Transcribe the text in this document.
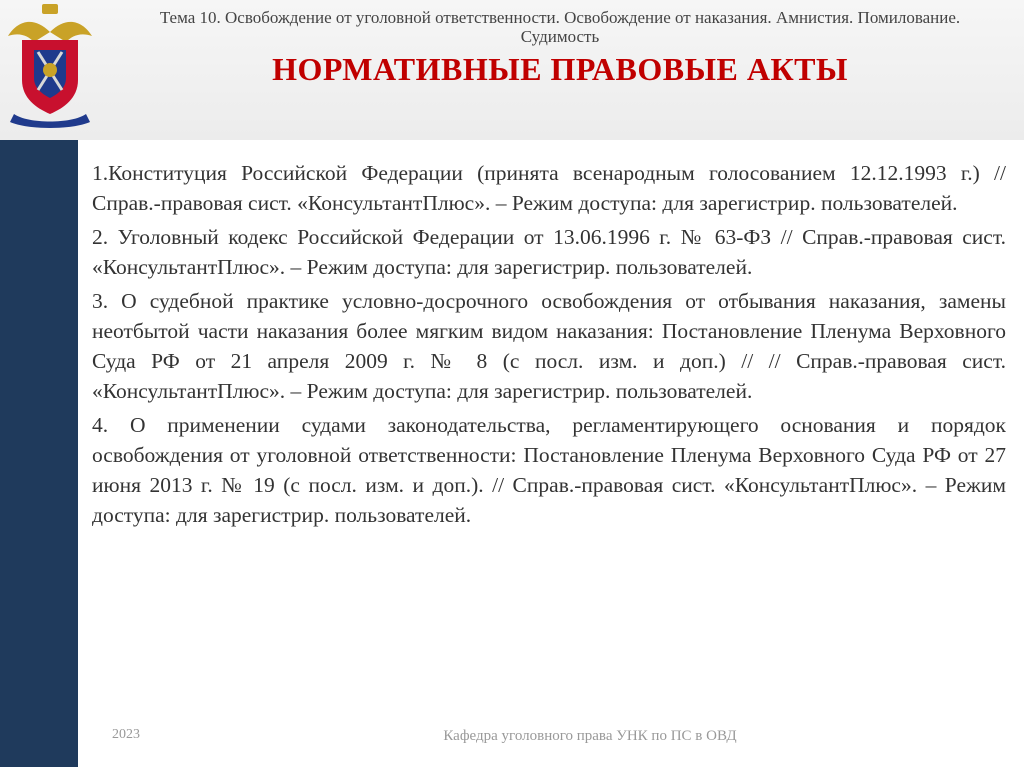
Тема 10. Освобождение от уголовной ответственности. Освобождение от наказания. Амнистия. Помилование. Судимость
НОРМАТИВНЫЕ ПРАВОВЫЕ АКТЫ

1.Конституция Российской Федерации (принята всенародным голосованием 12.12.1993 г.) // Справ.-правовая сист. «КонсультантПлюс». – Режим доступа: для зарегистрир. пользователей.

2. Уголовный кодекс Российской Федерации от 13.06.1996 г. № 63-ФЗ // Справ.-правовая сист. «КонсультантПлюс». – Режим доступа: для зарегистрир. пользователей.

3. О судебной практике условно-досрочного освобождения от отбывания наказания, замены неотбытой части наказания более мягким видом наказания: Постановление Пленума Верховного Суда РФ от 21 апреля 2009 г. № 8 (с посл. изм. и доп.) // // Справ.-правовая сист. «КонсультантПлюс». – Режим доступа: для зарегистрир. пользователей.

4. О применении судами законодательства, регламентирующего основания и порядок освобождения от уголовной ответственности: Постановление Пленума Верховного Суда РФ от 27 июня 2013 г. № 19 (с посл. изм. и доп.). // Справ.-правовая сист. «КонсультантПлюс». – Режим доступа: для зарегистрир. пользователей.

2023	Кафедра уголовного права УНК по ПС в ОВД
